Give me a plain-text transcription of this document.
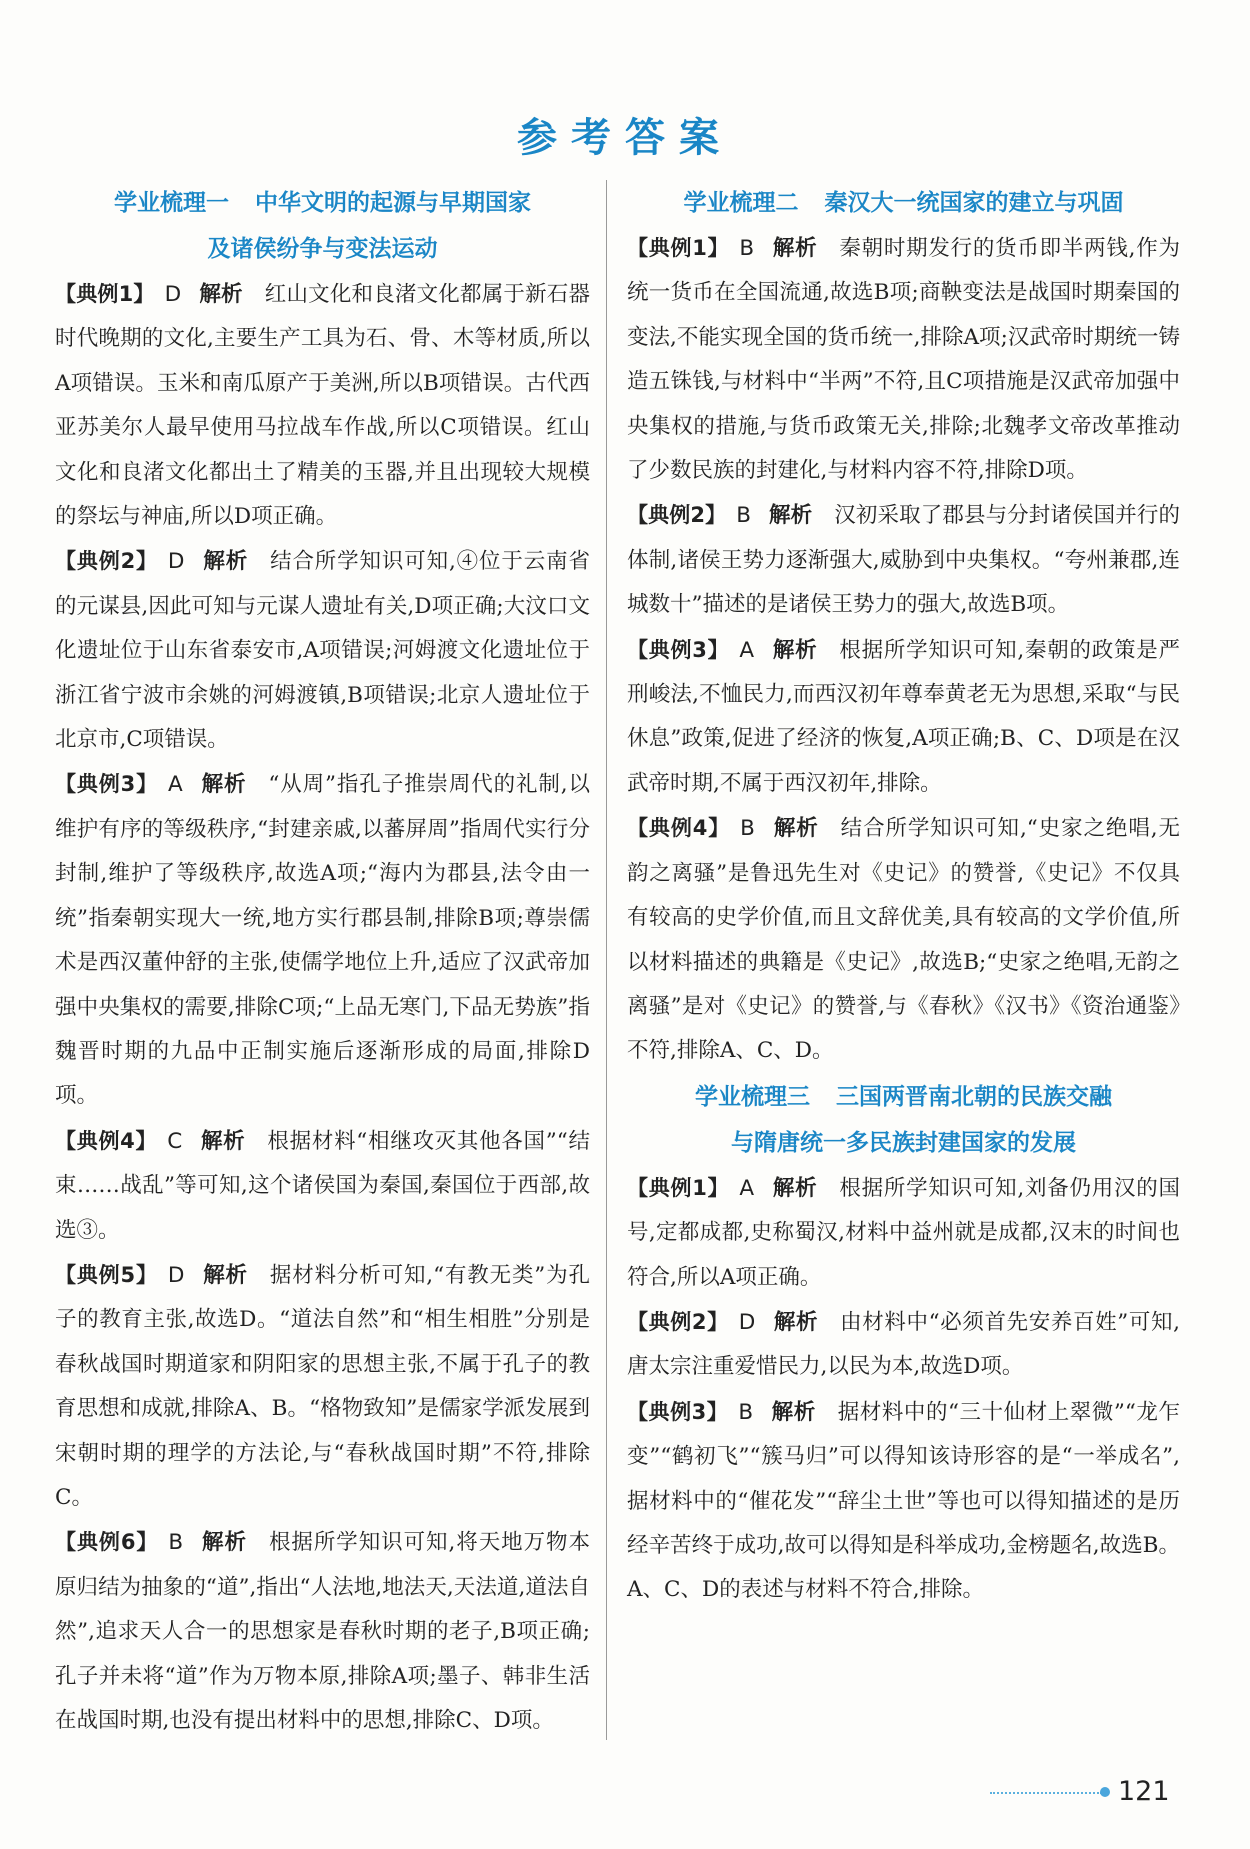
参考答案
学业梳理一 中华文明的起源与早期国家
及诸侯纷争与变法运动

【典例1】 D 解析 红山文化和良渚文化都属于新石器时代晚期的文化,主要生产工具为石、骨、木等材质,所以A项错误。玉米和南瓜原产于美洲,所以B项错误。古代西亚苏美尔人最早使用马拉战车作战,所以C项错误。红山文化和良渚文化都出土了精美的玉器,并且出现较大规模的祭坛与神庙,所以D项正确。

【典例2】 D 解析 结合所学知识可知,④位于云南省的元谋县,因此可知与元谋人遗址有关,D项正确;大汶口文化遗址位于山东省泰安市,A项错误;河姆渡文化遗址位于浙江省宁波市余姚的河姆渡镇,B项错误;北京人遗址位于北京市,C项错误。

【典例3】 A 解析 “从周”指孔子推崇周代的礼制,以维护有序的等级秩序,“封建亲戚,以蕃屏周”指周代实行分封制,维护了等级秩序,故选A项;“海内为郡县,法令由一统”指秦朝实现大一统,地方实行郡县制,排除B项;尊崇儒术是西汉董仲舒的主张,使儒学地位上升,适应了汉武帝加强中央集权的需要,排除C项;“上品无寒门,下品无势族”指魏晋时期的九品中正制实施后逐渐形成的局面,排除D项。

【典例4】 C 解析 根据材料“相继攻灭其他各国”“结束……战乱”等可知,这个诸侯国为秦国,秦国位于西部,故选③。

【典例5】 D 解析 据材料分析可知,“有教无类”为孔子的教育主张,故选D。“道法自然”和“相生相胜”分别是春秋战国时期道家和阴阳家的思想主张,不属于孔子的教育思想和成就,排除A、B。“格物致知”是儒家学派发展到宋朝时期的理学的方法论,与“春秋战国时期”不符,排除C。

【典例6】 B 解析 根据所学知识可知,将天地万物本原归结为抽象的“道”,指出“人法地,地法天,天法道,道法自然”,追求天人合一的思想家是春秋时期的老子,B项正确;孔子并未将“道”作为万物本原,排除A项;墨子、韩非生活在战国时期,也没有提出材料中的思想,排除C、D项。

学业梳理二 秦汉大一统国家的建立与巩固

【典例1】 B 解析 秦朝时期发行的货币即半两钱,作为统一货币在全国流通,故选B项;商鞅变法是战国时期秦国的变法,不能实现全国的货币统一,排除A项;汉武帝时期统一铸造五铢钱,与材料中“半两”不符,且C项措施是汉武帝加强中央集权的措施,与货币政策无关,排除;北魏孝文帝改革推动了少数民族的封建化,与材料内容不符,排除D项。

【典例2】 B 解析 汉初采取了郡县与分封诸侯国并行的体制,诸侯王势力逐渐强大,威胁到中央集权。“夸州兼郡,连城数十”描述的是诸侯王势力的强大,故选B项。

【典例3】 A 解析 根据所学知识可知,秦朝的政策是严刑峻法,不恤民力,而西汉初年尊奉黄老无为思想,采取“与民休息”政策,促进了经济的恢复,A项正确;B、C、D项是在汉武帝时期,不属于西汉初年,排除。

【典例4】 B 解析 结合所学知识可知,“史家之绝唱,无韵之离骚”是鲁迅先生对《史记》的赞誉,《史记》不仅具有较高的史学价值,而且文辞优美,具有较高的文学价值,所以材料描述的典籍是《史记》,故选B;“史家之绝唱,无韵之离骚”是对《史记》的赞誉,与《春秋》《汉书》《资治通鉴》不符,排除A、C、D。

学业梳理三 三国两晋南北朝的民族交融
与隋唐统一多民族封建国家的发展

【典例1】 A 解析 根据所学知识可知,刘备仍用汉的国号,定都成都,史称蜀汉,材料中益州就是成都,汉末的时间也符合,所以A项正确。

【典例2】 D 解析 由材料中“必须首先安养百姓”可知,唐太宗注重爱惜民力,以民为本,故选D项。

【典例3】 B 解析 据材料中的“三十仙材上翠微”“龙乍变”“鹤初飞”“簇马归”可以得知该诗形容的是“一举成名”,据材料中的“催花发”“辞尘土世”等也可以得知描述的是历经辛苦终于成功,故可以得知是科举成功,金榜题名,故选B。A、C、D的表述与材料不符合,排除。

121
